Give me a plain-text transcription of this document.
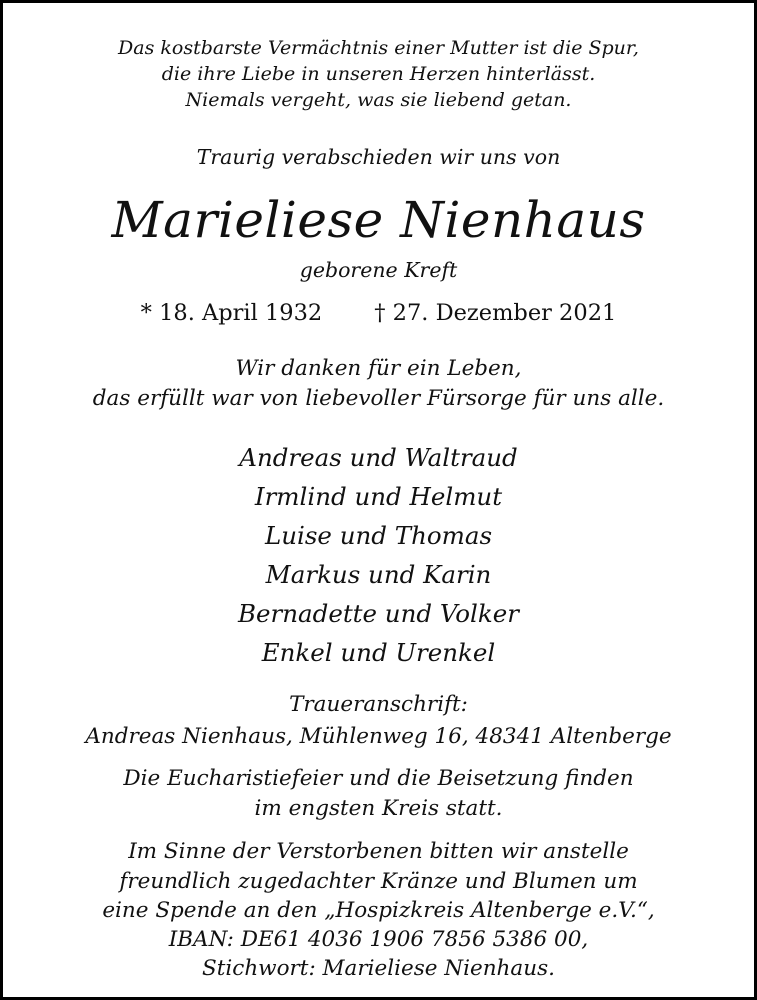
Das kostbarste Vermächtnis einer Mutter ist die Spur,
die ihre Liebe in unseren Herzen hinterlässt.
Niemals vergeht, was sie liebend getan.
Traurig verabschieden wir uns von
Marieliese Nienhaus
geborene Kreft
* 18. April 1932 † 27. Dezember 2021
Wir danken für ein Leben,
das erfüllt war von liebevoller Fürsorge für uns alle.
Andreas und Waltraud
Irmlind und Helmut
Luise und Thomas
Markus und Karin
Bernadette und Volker
Enkel und Urenkel
Traueranschrift:
Andreas Nienhaus, Mühlenweg 16, 48341 Altenberge
Die Eucharistiefeier und die Beisetzung finden
im engsten Kreis statt.
Im Sinne der Verstorbenen bitten wir anstelle
freundlich zugedachter Kränze und Blumen um
eine Spende an den „Hospizkreis Altenberge e.V.“,
IBAN: DE61 4036 1906 7856 5386 00,
Stichwort: Marieliese Nienhaus.
